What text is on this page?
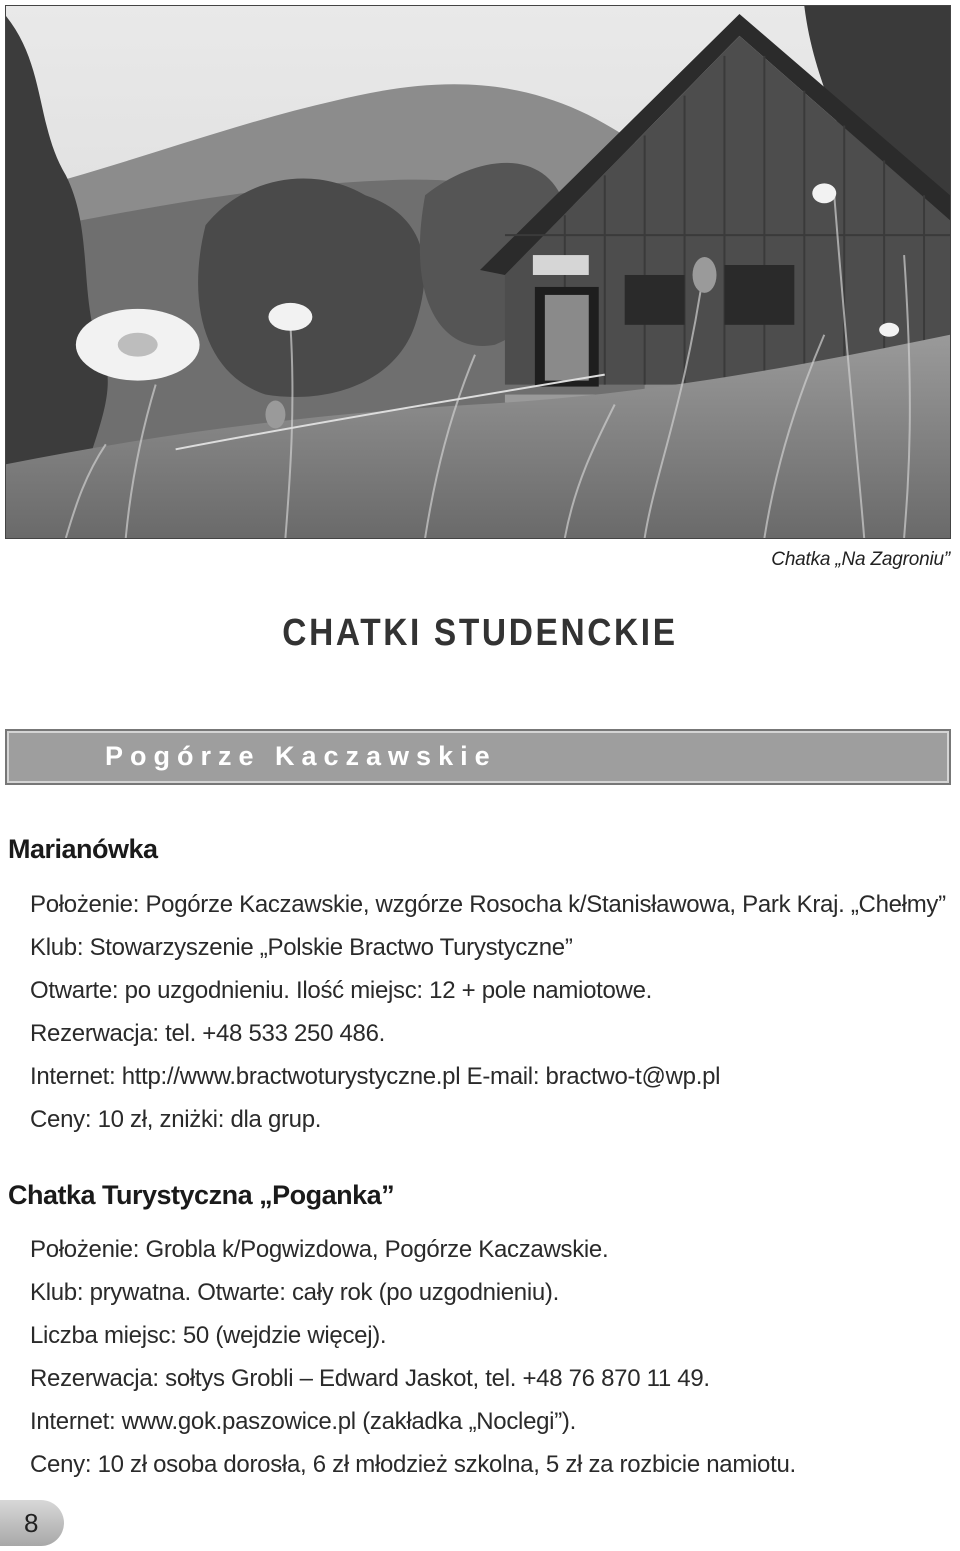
Chatka „Na Zagroniu”
CHATKI STUDENCKIE
Pogórze Kaczawskie
Marianówka
Położenie: Pogórze Kaczawskie, wzgórze Rosocha k/Stanisławowa, Park Kraj. „Chełmy”
Klub: Stowarzyszenie „Polskie Bractwo Turystyczne”
Otwarte: po uzgodnieniu. Ilość miejsc: 12 + pole namiotowe.
Rezerwacja: tel. +48 533 250 486.
Internet: http://www.bractwoturystyczne.pl E-mail: bractwo-t@wp.pl
Ceny: 10 zł, zniżki: dla grup.
Chatka Turystyczna „Poganka”
Położenie: Grobla k/Pogwizdowa, Pogórze Kaczawskie.
Klub: prywatna. Otwarte: cały rok (po uzgodnieniu).
Liczba miejsc: 50 (wejdzie więcej).
Rezerwacja: sołtys Grobli – Edward Jaskot, tel. +48 76 870 11 49.
Internet: www.gok.paszowice.pl (zakładka „Noclegi”).
Ceny: 10 zł osoba dorosła, 6 zł młodzież szkolna, 5 zł za rozbicie namiotu.
8
